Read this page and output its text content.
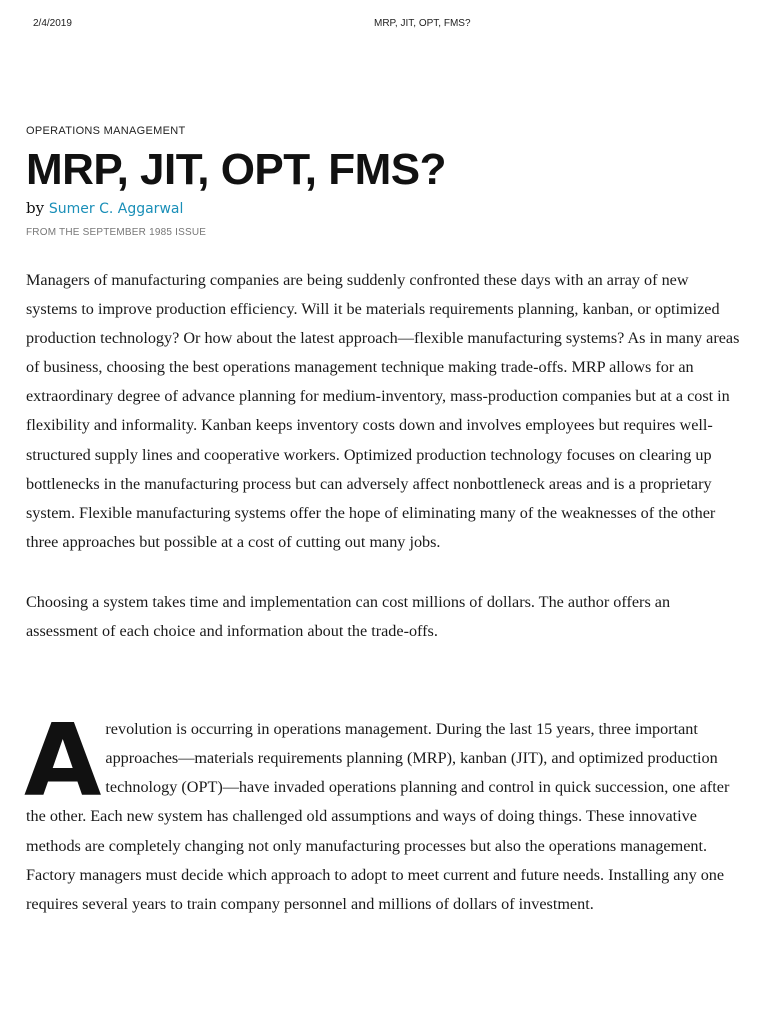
2/4/2019	MRP, JIT, OPT, FMS?

OPERATIONS MANAGEMENT

MRP, JIT, OPT, FMS?

by Sumer C. Aggarwal

FROM THE SEPTEMBER 1985 ISSUE

Managers of manufacturing companies are being suddenly confronted these days with an array of new systems to improve production efficiency. Will it be materials requirements planning, kanban, or optimized production technology? Or how about the latest approach—flexible manufacturing systems? As in many areas of business, choosing the best operations management technique making trade-offs. MRP allows for an extraordinary degree of advance planning for medium-inventory, mass-production companies but at a cost in flexibility and informality. Kanban keeps inventory costs down and involves employees but requires well-structured supply lines and cooperative workers. Optimized production technology focuses on clearing up bottlenecks in the manufacturing process but can adversely affect nonbottleneck areas and is a proprietary system. Flexible manufacturing systems offer the hope of eliminating many of the weaknesses of the other three approaches but possible at a cost of cutting out many jobs.

Choosing a system takes time and implementation can cost millions of dollars. The author offers an assessment of each choice and information about the trade-offs.

Arevolution is occurring in operations management. During the last 15 years, three important approaches—materials requirements planning (MRP), kanban (JIT), and optimized production technology (OPT)—have invaded operations planning and control in quick succession, one after the other. Each new system has challenged old assumptions and ways of doing things. These innovative methods are completely changing not only manufacturing processes but also the operations management. Factory managers must decide which approach to adopt to meet current and future needs. Installing any one requires several years to train company personnel and millions of dollars of investment.
